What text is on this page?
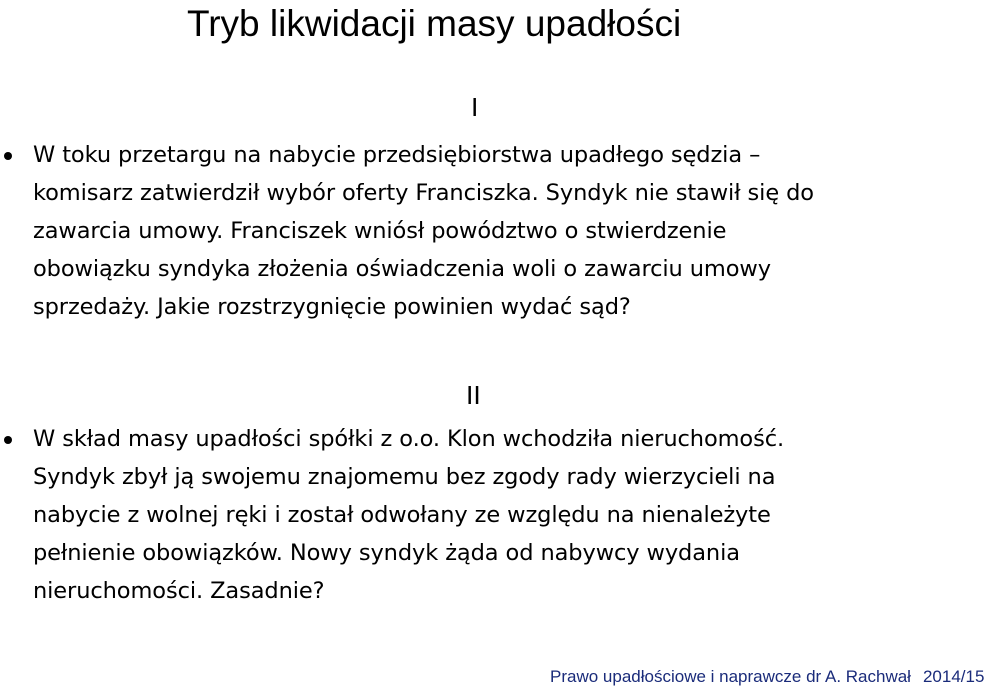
Tryb likwidacji masy upadłości
I
W toku przetargu na nabycie przedsiębiorstwa upadłego sędzia –
komisarz zatwierdził wybór oferty Franciszka. Syndyk nie stawił się do
zawarcia umowy. Franciszek wniósł powództwo o stwierdzenie
obowiązku syndyka złożenia oświadczenia woli o zawarciu umowy
sprzedaży. Jakie rozstrzygnięcie powinien wydać sąd?
II
W skład masy upadłości spółki z o.o. Klon wchodziła nieruchomość.
Syndyk zbył ją swojemu znajomemu bez zgody rady wierzycieli na
nabycie z wolnej ręki i został odwołany ze względu na nienależyte
pełnienie obowiązków. Nowy syndyk żąda od nabywcy wydania
nieruchomości. Zasadnie?
Prawo upadłościowe i naprawcze dr A. Rachwał 2014/15
